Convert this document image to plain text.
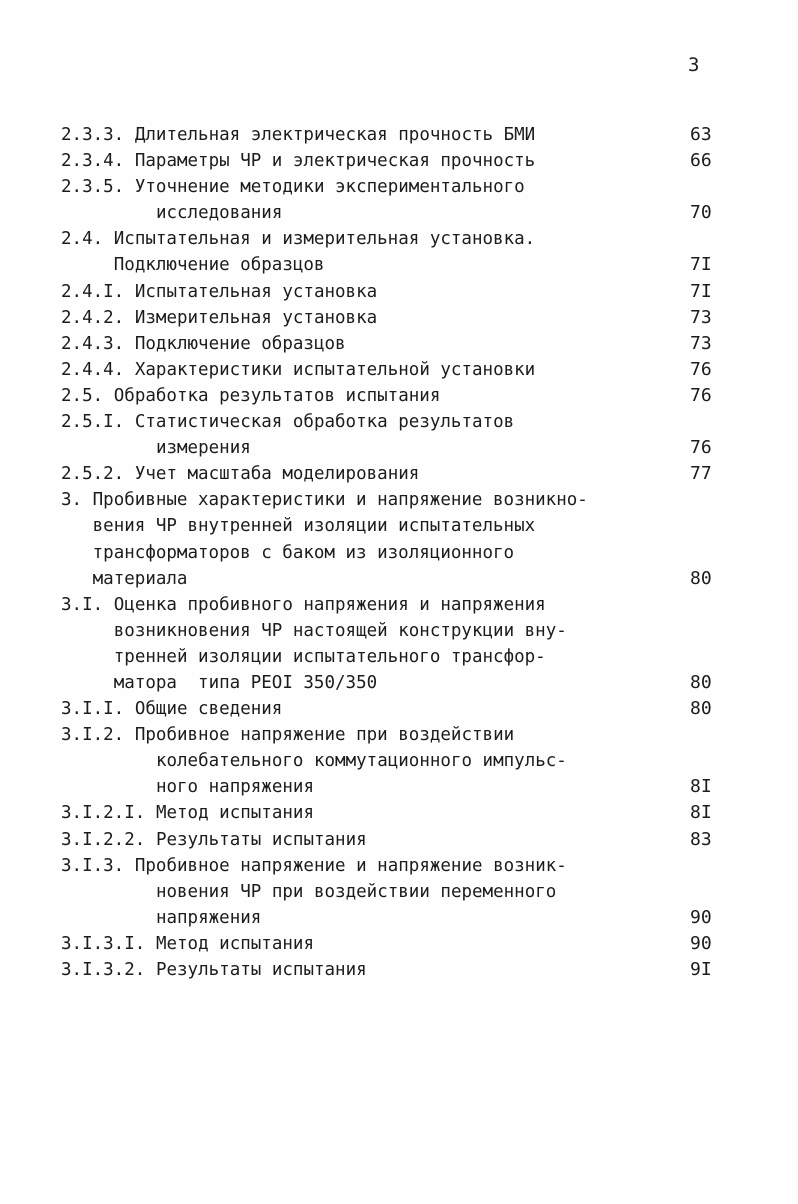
3
2.3.3. Длительная электрическая прочность БМИ	63
2.3.4. Параметры ЧР и электрическая прочность	66
2.3.5. Уточнение методики экспериментального
исследования	70
2.4. Испытательная и измерительная установка.
Подключение образцов	7I
2.4.I. Испытательная установка	7I
2.4.2. Измерительная установка	73
2.4.3. Подключение образцов	73
2.4.4. Характеристики испытательной установки	76
2.5. Обработка результатов испытания	76
2.5.I. Статистическая обработка результатов
измерения	76
2.5.2. Учет масштаба моделирования	77
3. Пробивные характеристики и напряжение возникно-
вения ЧР внутренней изоляции испытательных
трансформаторов с баком из изоляционного
материала	80
3.I. Оценка пробивного напряжения и напряжения
возникновения ЧР настоящей конструкции вну-
тренней изоляции испытательного трансфор-
матора  типа РЕОI 350/350	80
3.I.I. Общие сведения	80
3.I.2. Пробивное напряжение при воздействии
колебательного коммутационного импульс-
ного напряжения	8I
3.I.2.I. Метод испытания	8I
3.I.2.2. Результаты испытания	83
3.I.3. Пробивное напряжение и напряжение возник-
новения ЧР при воздействии переменного
напряжения	90
3.I.3.I. Метод испытания	90
3.I.3.2. Результаты испытания	9I
